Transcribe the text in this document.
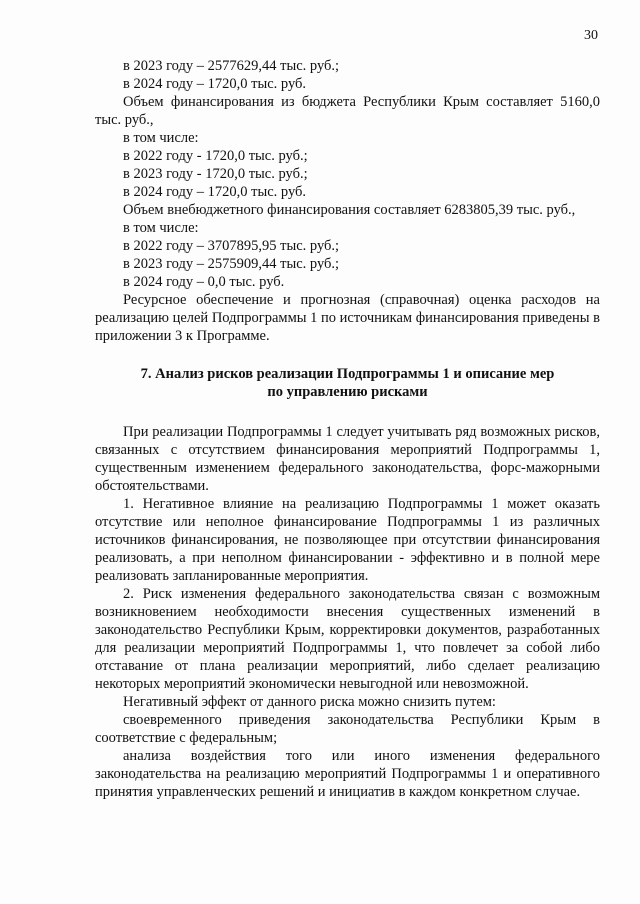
30

в 2023 году – 2577629,44 тыс. руб.;

в 2024 году – 1720,0 тыс. руб.

Объем финансирования из бюджета Республики Крым составляет 5160,0 тыс. руб.,

в том числе:

в 2022 году - 1720,0 тыс. руб.;

в 2023 году - 1720,0 тыс. руб.;

в 2024 году – 1720,0 тыс. руб.

Объем внебюджетного финансирования составляет 6283805,39 тыс. руб.,

в том числе:

в 2022 году – 3707895,95 тыс. руб.;

в 2023 году – 2575909,44 тыс. руб.;

в 2024 году – 0,0 тыс. руб.

Ресурсное обеспечение и прогнозная (справочная) оценка расходов на реализацию целей Подпрограммы 1 по источникам финансирования приведены в приложении 3 к Программе.

7. Анализ рисков реализации Подпрограммы 1 и описание мер
по управлению рисками

При реализации Подпрограммы 1 следует учитывать ряд возможных рисков, связанных с отсутствием финансирования мероприятий Подпрограммы 1, существенным изменением федерального законодательства, форс-мажорными обстоятельствами.

1. Негативное влияние на реализацию Подпрограммы 1 может оказать отсутствие или неполное финансирование Подпрограммы 1 из различных источников финансирования, не позволяющее при отсутствии финансирования реализовать, а при неполном финансировании - эффективно и в полной мере реализовать запланированные мероприятия.

2. Риск изменения федерального законодательства связан с возможным возникновением необходимости внесения существенных изменений в законодательство Республики Крым, корректировки документов, разработанных для реализации мероприятий Подпрограммы 1, что повлечет за собой либо отставание от плана реализации мероприятий, либо сделает реализацию некоторых мероприятий экономически невыгодной или невозможной.

Негативный эффект от данного риска можно снизить путем:

своевременного приведения законодательства Республики Крым в соответствие с федеральным;

анализа воздействия того или иного изменения федерального законодательства на реализацию мероприятий Подпрограммы 1 и оперативного принятия управленческих решений и инициатив в каждом конкретном случае.
